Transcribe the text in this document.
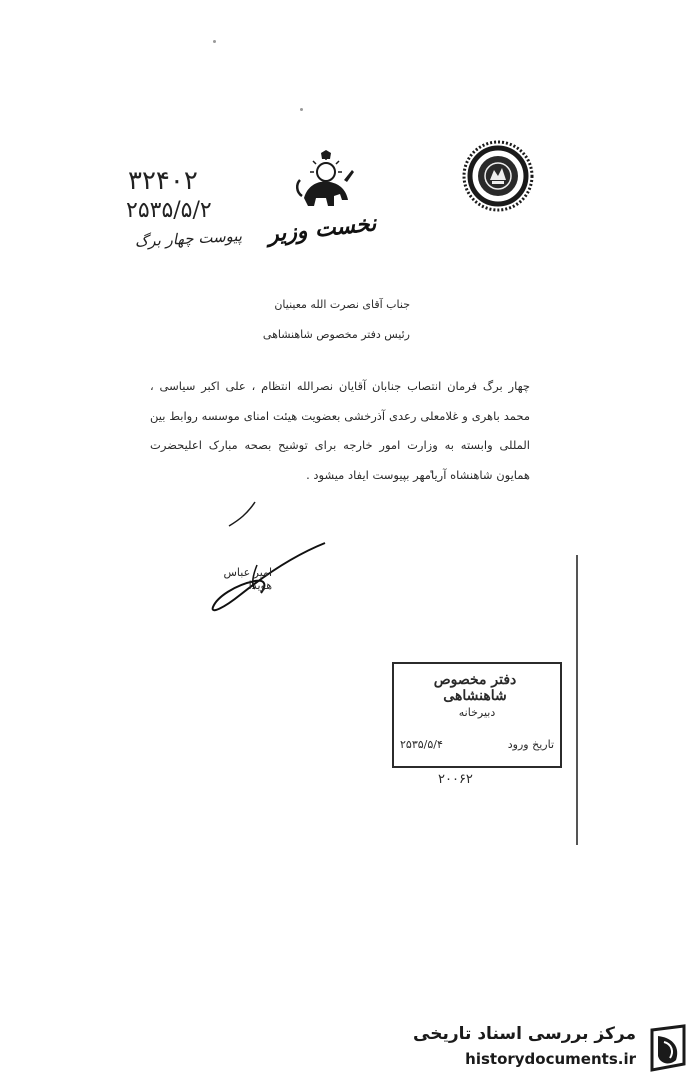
۳۲۴۰۲
۲۵۳۵/۵/۲
پیوست چهار برگ نخست وزیر
جناب آقای نصرت الله معینیان
رئیس دفتر مخصوص شاهنشاهی
چهار برگ فرمان انتصاب جنابان آقایان نصرالله انتظام ، علی اکبر سیاسی ، محمد باهری و غلامعلی رعدی آذرخشی بعضویت هیئت امنای موسسه روابط بین المللی وابسته به وزارت امور خارجه برای توشیح بصحه مبارک اعلیحضرت همایون شاهنشاه آریامهر بپیوست ایفاد میشود .
امیر عباس هویدا
دفتر مخصوص شاهنشاهی
دبیرخانه
تاریخ ورود
۲۵۳۵/۵/۴
۲۰۰۶۲
مرکز بررسی اسناد تاریخی
historydocuments.ir
